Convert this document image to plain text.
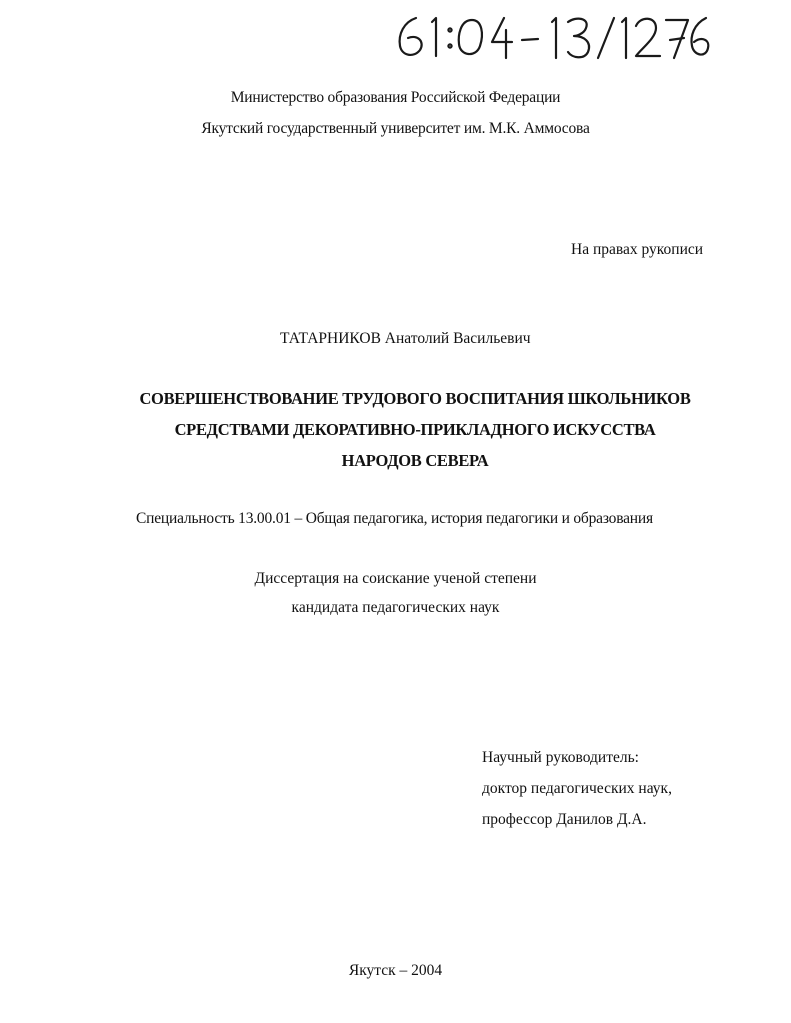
Министерство образования Российской Федерации
Якутский государственный университет им. М.К. Аммосова
На правах рукописи
ТАТАРНИКОВ Анатолий Васильевич
СОВЕРШЕНСТВОВАНИЕ ТРУДОВОГО ВОСПИТАНИЯ ШКОЛЬНИКОВ
СРЕДСТВАМИ ДЕКОРАТИВНО-ПРИКЛАДНОГО ИСКУССТВА
НАРОДОВ СЕВЕРА
Специальность 13.00.01 – Общая педагогика, история педагогики и образования
Диссертация на соискание ученой степени
кандидата педагогических наук
Научный руководитель:
доктор педагогических наук,
профессор Данилов Д.А.
Якутск – 2004
